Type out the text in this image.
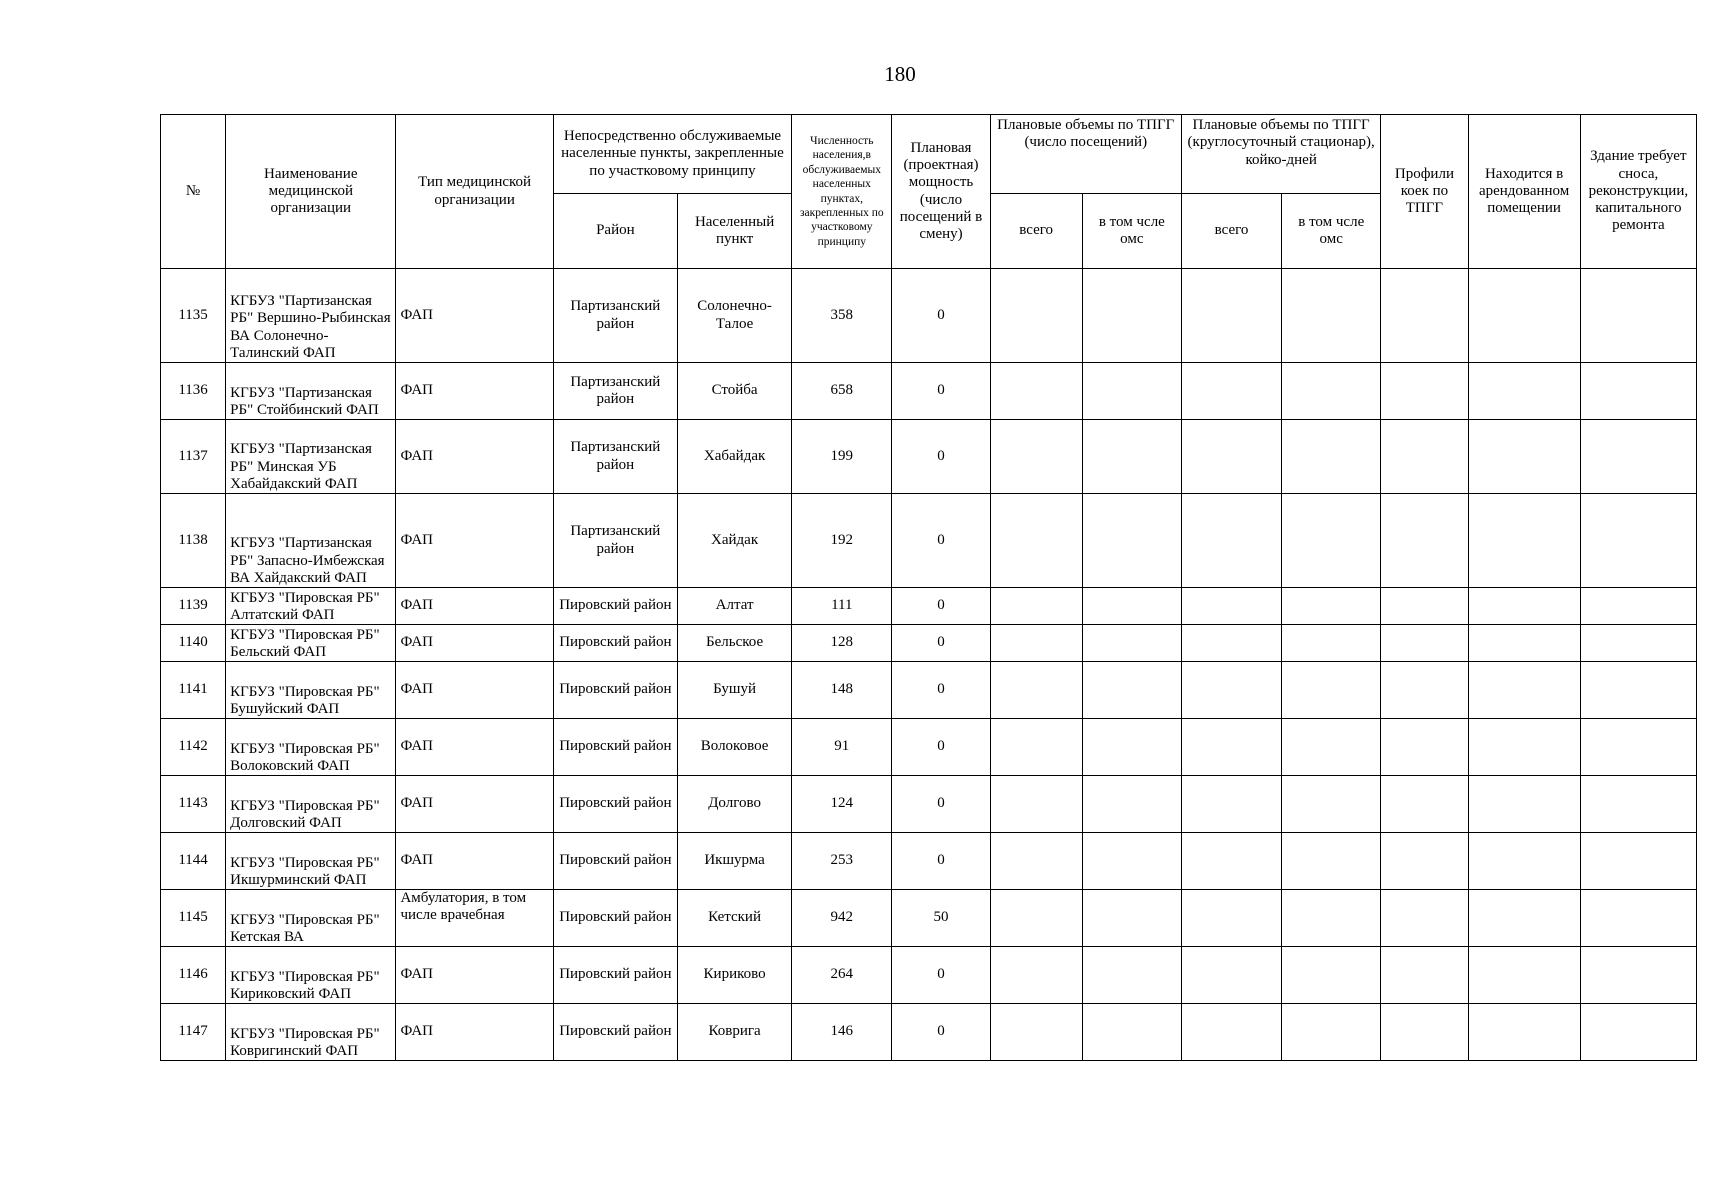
180
№	Наименование медицинской организации	Тип медицинской организации	Непосредственно обслуживаемые населенные пункты, закрепленные по участковому принципу		Численность населения,в обслуживаемых населенных пунктах, закрепленных по участковому принципу	Плановая (проектная) мощность (число посещений в смену)	Плановые объемы по ТПГГ (число посещений)		Плановые объемы по ТПГГ (круглосуточный стационар), койко-дней		Профили коек по ТПГГ	Находится в арендованном помещении	Здание требует сноса, реконструкции, капитального ремонта
			Район	Населенный пункт			всего	в том чсле омс	всего	в том чсле омс			
1135	КГБУЗ "Партизанская РБ" Вершино-Рыбинская ВА Солонечно-Талинский ФАП	ФАП	Партизанский район	Солонечно-Талое	358	0							
1136	КГБУЗ "Партизанская РБ" Стойбинский ФАП	ФАП	Партизанский район	Стойба	658	0							
1137	КГБУЗ "Партизанская РБ" Минская УБ Хабайдакский ФАП	ФАП	Партизанский район	Хабайдак	199	0							
1138	КГБУЗ "Партизанская РБ" Запасно-Имбежская ВА Хайдакский ФАП	ФАП	Партизанский район	Хайдак	192	0							
1139	КГБУЗ "Пировская РБ" Алтатский ФАП	ФАП	Пировский район	Алтат	111	0							
1140	КГБУЗ "Пировская РБ" Бельский ФАП	ФАП	Пировский район	Бельское	128	0							
1141	КГБУЗ "Пировская РБ" Бушуйский ФАП	ФАП	Пировский район	Бушуй	148	0							
1142	КГБУЗ "Пировская РБ" Волоковский ФАП	ФАП	Пировский район	Волоковое	91	0							
1143	КГБУЗ "Пировская РБ" Долговский ФАП	ФАП	Пировский район	Долгово	124	0							
1144	КГБУЗ "Пировская РБ" Икшурминский ФАП	ФАП	Пировский район	Икшурма	253	0							
1145	КГБУЗ "Пировская РБ" Кетская ВА	Амбулатория, в том числе врачебная	Пировский район	Кетский	942	50							
1146	КГБУЗ "Пировская РБ" Кириковский ФАП	ФАП	Пировский район	Кириково	264	0							
1147	КГБУЗ "Пировская РБ" Ковригинский ФАП	ФАП	Пировский район	Коврига	146	0							
